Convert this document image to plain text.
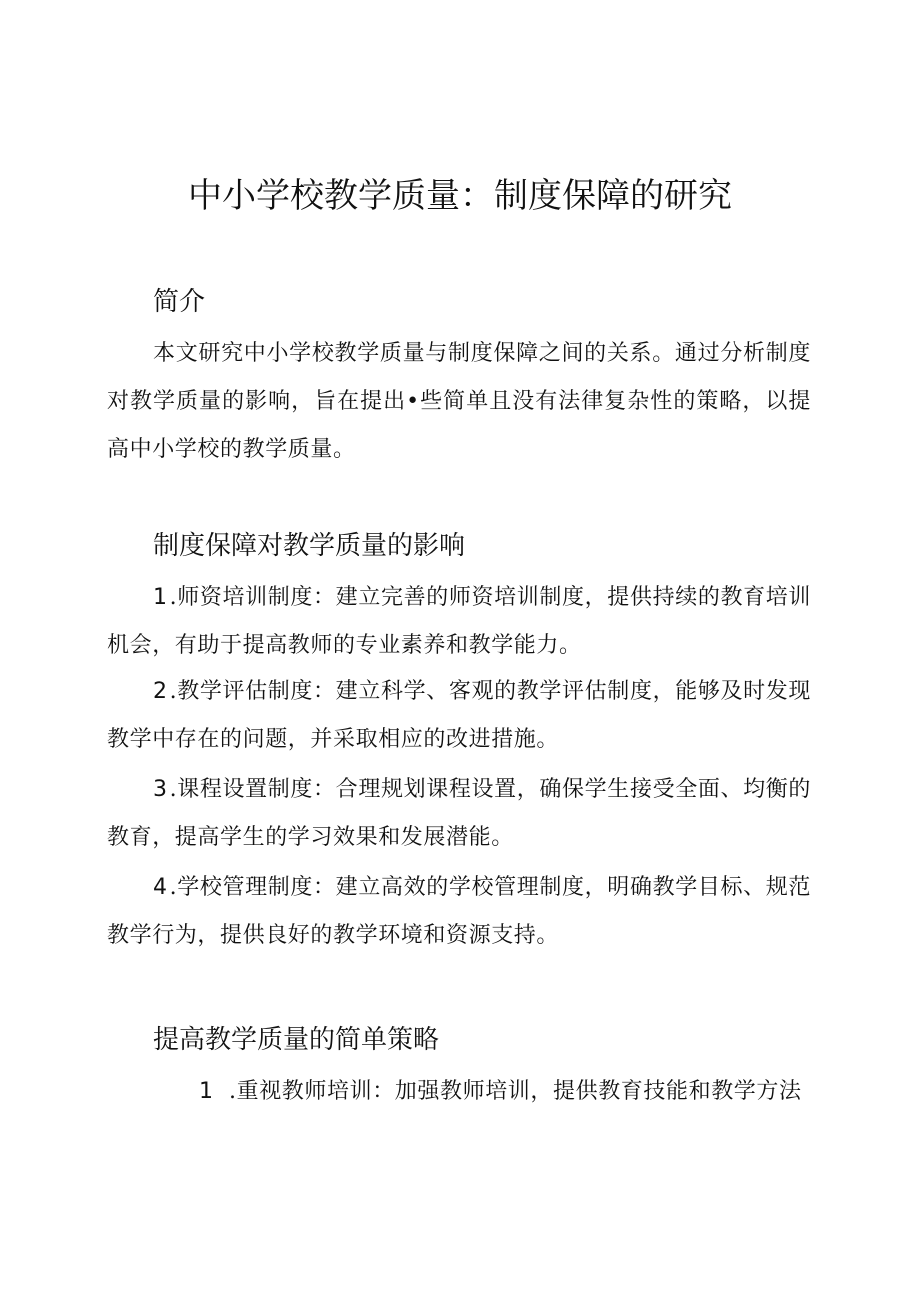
中小学校教学质量：制度保障的研究
简介

本文研究中小学校教学质量与制度保障之间的关系。通过分析制度对教学质量的影响，旨在提出•些简单且没有法律复杂性的策略，以提高中小学校的教学质量。

制度保障对教学质量的影响

1.师资培训制度：建立完善的师资培训制度，提供持续的教育培训机会，有助于提高教师的专业素养和教学能力。

2.教学评估制度：建立科学、客观的教学评估制度，能够及时发现教学中存在的问题，并采取相应的改进措施。

3.课程设置制度：合理规划课程设置，确保学生接受全面、均衡的教育，提高学生的学习效果和发展潜能。

4.学校管理制度：建立高效的学校管理制度，明确教学目标、规范教学行为，提供良好的教学环境和资源支持。

提高教学质量的简单策略

1 .重视教师培训：加强教师培训，提供教育技能和教学方法
